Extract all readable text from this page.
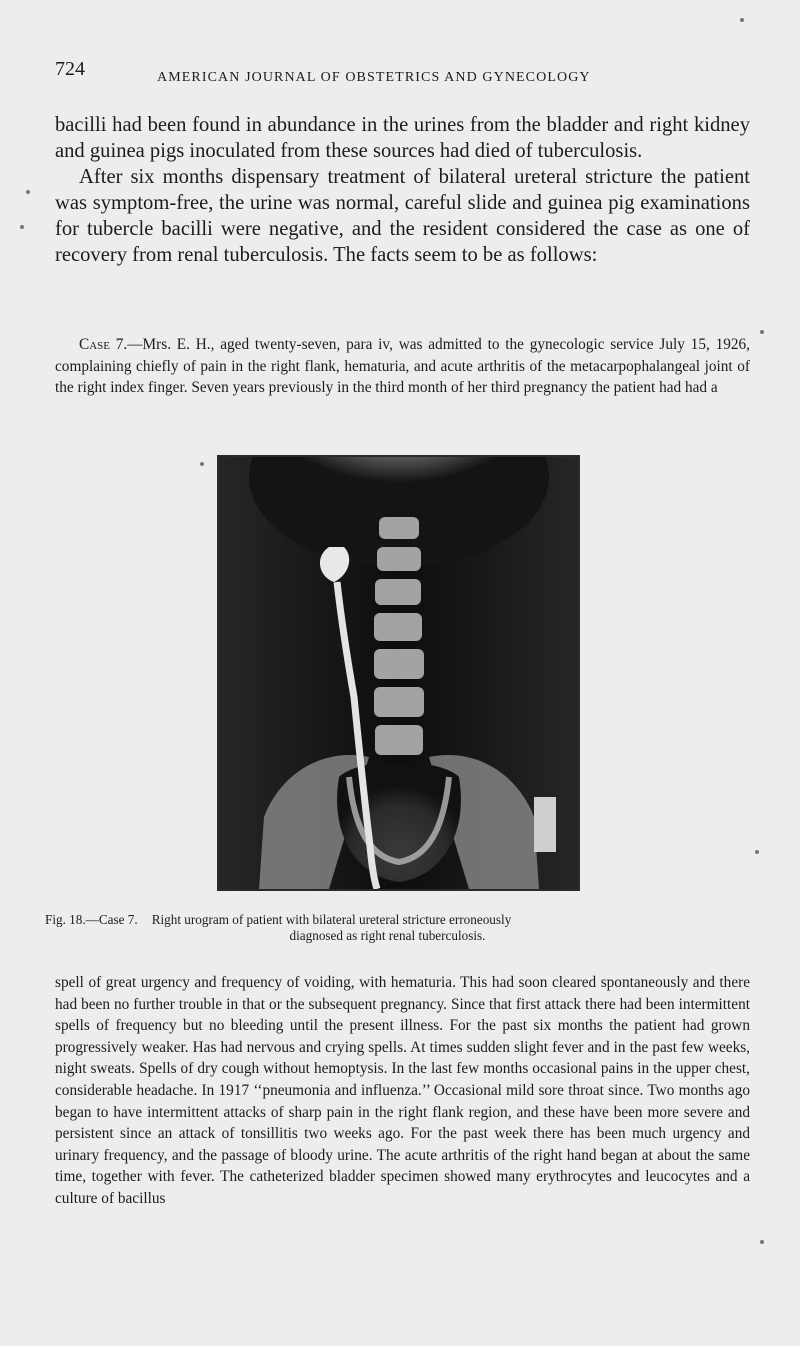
724	AMERICAN JOURNAL OF OBSTETRICS AND GYNECOLOGY

bacilli had been found in abundance in the urines from the bladder and right kidney and guinea pigs inoculated from these sources had died of tuberculosis.

After six months dispensary treatment of bilateral ureteral stricture the patient was symptom-free, the urine was normal, careful slide and guinea pig examinations for tubercle bacilli were negative, and the resident considered the case as one of recovery from renal tuberculosis. The facts seem to be as follows:

Case 7.—Mrs. E. H., aged twenty-seven, para iv, was admitted to the gynecologic service July 15, 1926, complaining chiefly of pain in the right flank, hematuria, and acute arthritis of the metacarpophalangeal joint of the right index finger. Seven years previously in the third month of her third pregnancy the patient had had a

Fig. 18.—Case 7. Right urogram of patient with bilateral ureteral stricture erroneously
diagnosed as right renal tuberculosis.

spell of great urgency and frequency of voiding, with hematuria. This had soon cleared spontaneously and there had been no further trouble in that or the subsequent pregnancy. Since that first attack there had been intermittent spells of frequency but no bleeding until the present illness. For the past six months the patient had grown progressively weaker. Has had nervous and crying spells. At times sudden slight fever and in the past few weeks, night sweats. Spells of dry cough without hemoptysis. In the last few months occasional pains in the upper chest, considerable headache. In 1917 ‘‘pneumonia and influenza.’’ Occasional mild sore throat since. Two months ago began to have intermittent attacks of sharp pain in the right flank region, and these have been more severe and persistent since an attack of tonsillitis two weeks ago. For the past week there has been much urgency and urinary frequency, and the passage of bloody urine. The acute arthritis of the right hand began at about the same time, together with fever. The catheterized bladder specimen showed many erythrocytes and leucocytes and a culture of bacillus
